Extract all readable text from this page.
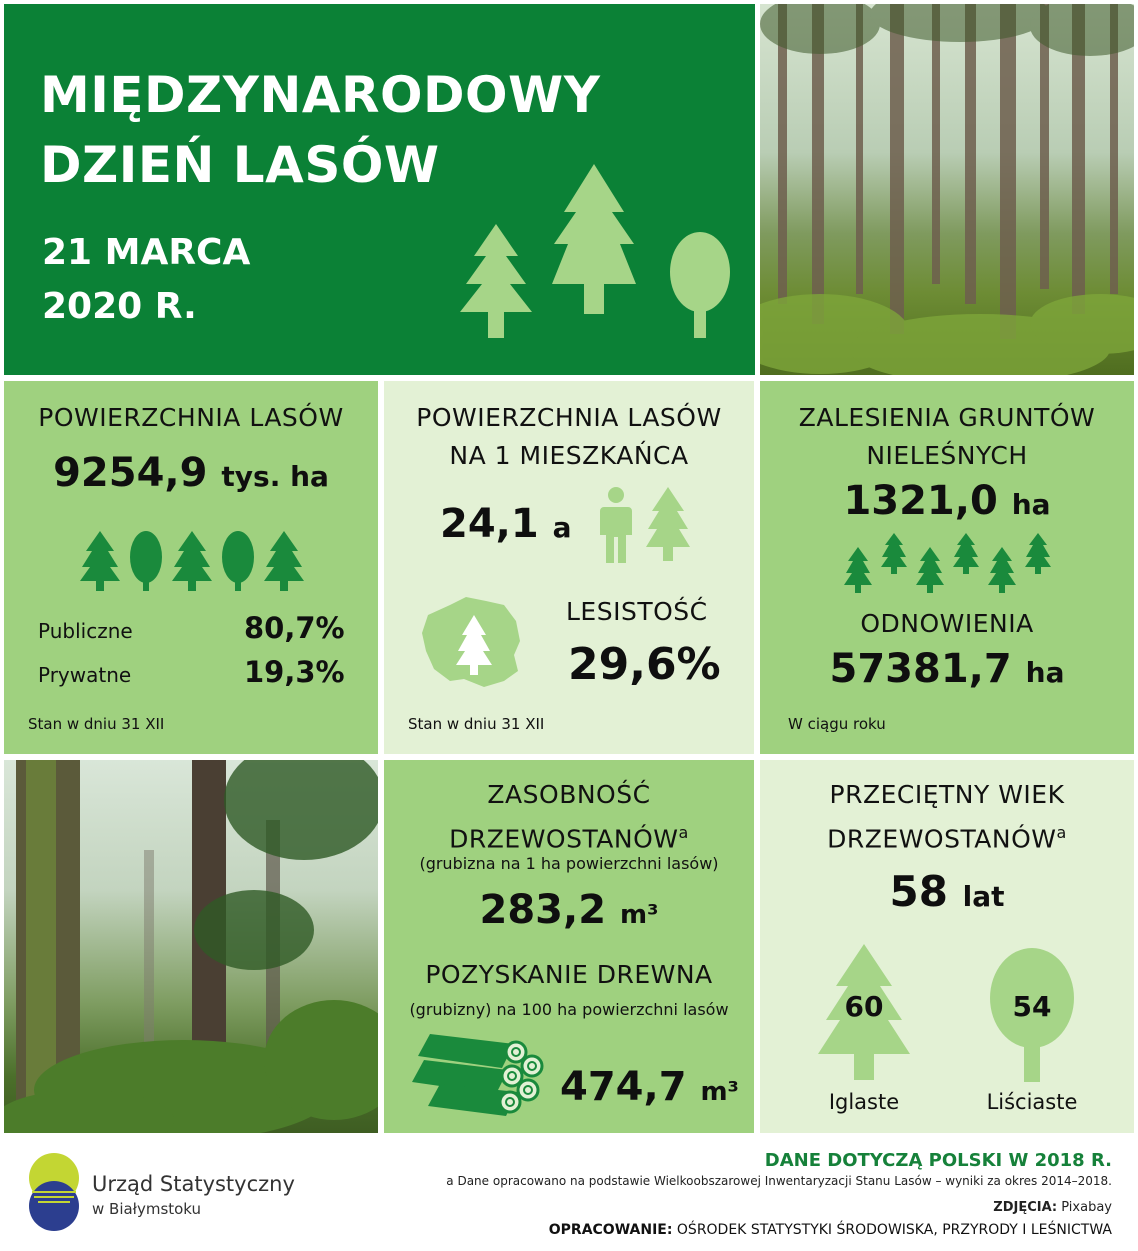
MIĘDZYNARODOWY
DZIEŃ LASÓW
21 MARCA
2020 R.
POWIERZCHNIA LASÓW
9254,9 tys. ha
Publiczne	80,7%
Prywatne	19,3%
Stan w dniu 31 XII
POWIERZCHNIA LASÓW
NA 1 MIESZKAŃCA
24,1 a
LESISTOŚĆ
29,6%
Stan w dniu 31 XII
ZALESIENIA GRUNTÓW
NIELEŚNYCH
1321,0 ha
ODNOWIENIA
57381,7 ha
W ciągu roku
ZASOBNOŚĆ
DRZEWOSTANÓW$^a$
(grubizna na 1 ha powierzchni lasów)
283,2 m³
POZYSKANIE DREWNA
(grubizny) na 100 ha powierzchni lasów
474,7 m³
PRZECIĘTNY WIEK
DRZEWOSTANÓW$^a$
58 lat
60	54
Iglaste	Liściaste
Urząd Statystyczny
w Białymstoku
DANE DOTYCZĄ POLSKI W 2018 R.
a Dane opracowano na podstawie Wielkoobszarowej Inwentaryzacji Stanu Lasów – wyniki za okres 2014–2018.
ZDJĘCIA: Pixabay
OPRACOWANIE: OŚRODEK STATYSTYKI ŚRODOWISKA, PRZYRODY I LEŚNICTWA
